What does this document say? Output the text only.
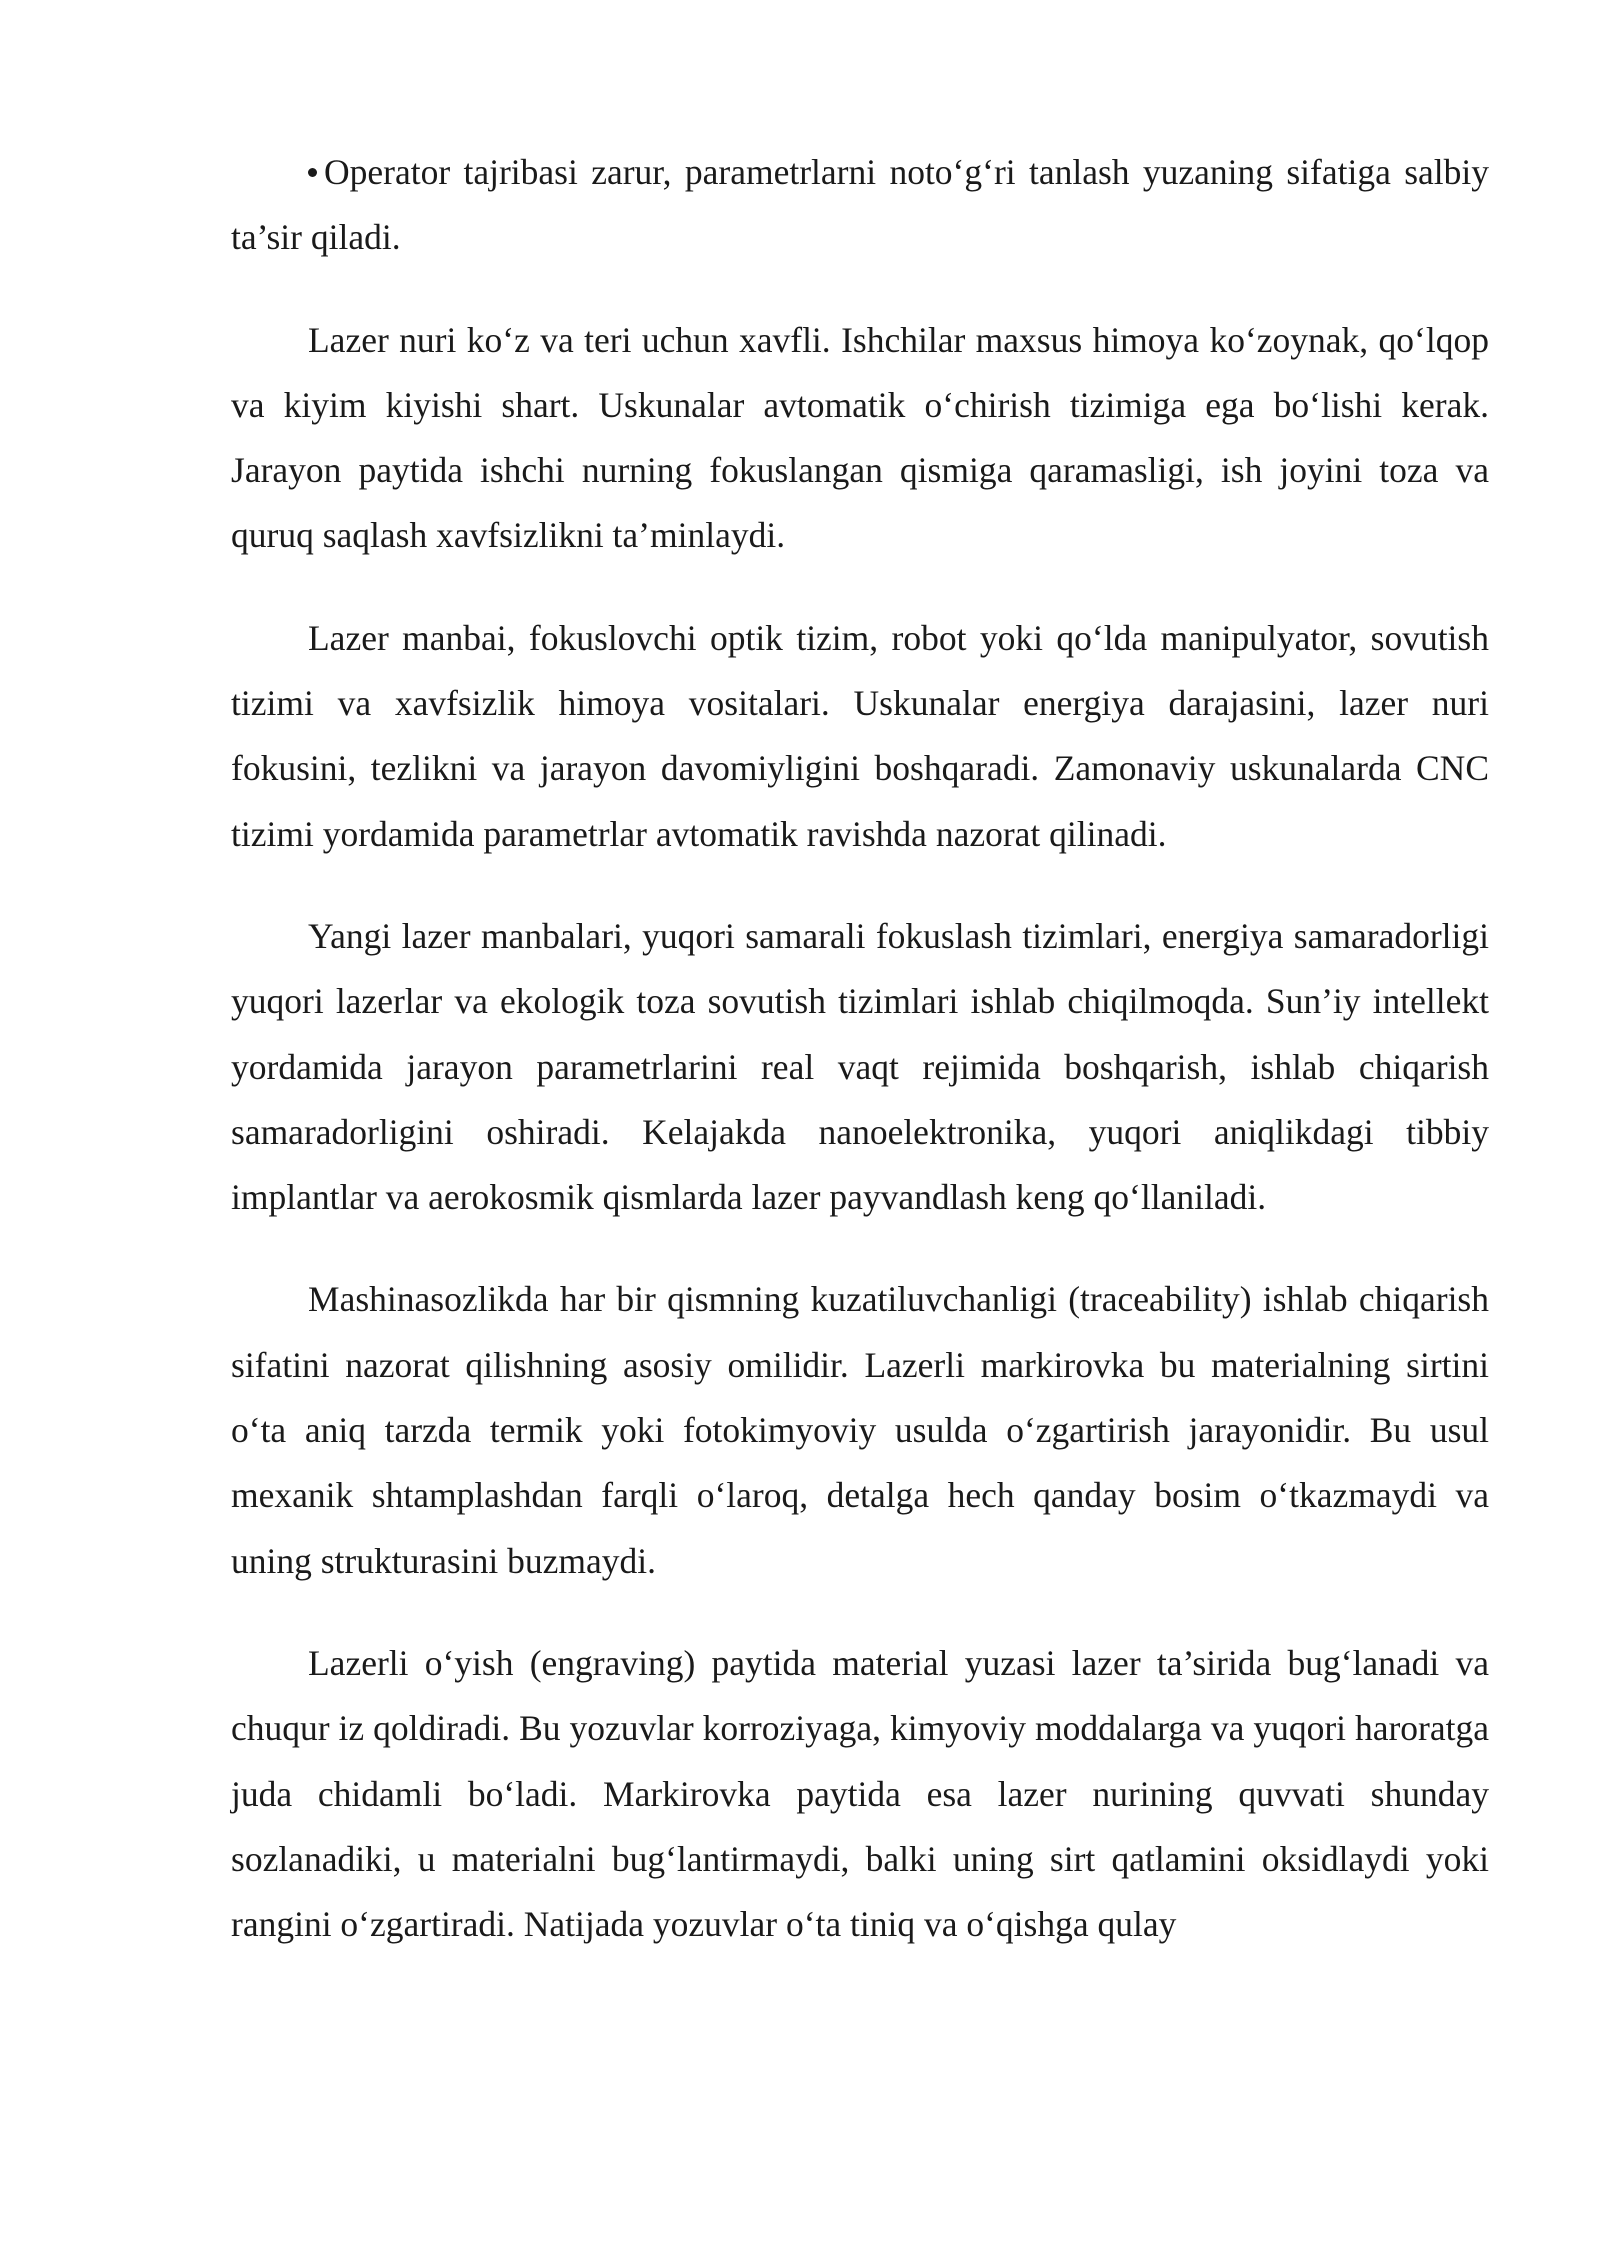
Operator tajribasi zarur, parametrlarni noto‘g‘ri tanlash yuzaning sifatiga salbiy ta’sir qiladi.

Lazer nuri ko‘z va teri uchun xavfli. Ishchilar maxsus himoya ko‘zoynak, qo‘lqop va kiyim kiyishi shart. Uskunalar avtomatik o‘chirish tizimiga ega bo‘lishi kerak. Jarayon paytida ishchi nurning fokuslangan qismiga qaramasligi, ish joyini toza va quruq saqlash xavfsizlikni ta’minlaydi.

Lazer manbai, fokuslovchi optik tizim, robot yoki qo‘lda manipulyator, sovutish tizimi va xavfsizlik himoya vositalari. Uskunalar energiya darajasini, lazer nuri fokusini, tezlikni va jarayon davomiyligini boshqaradi. Zamonaviy uskunalarda CNC tizimi yordamida parametrlar avtomatik ravishda nazorat qilinadi.

Yangi lazer manbalari, yuqori samarali fokuslash tizimlari, energiya samaradorligi yuqori lazerlar va ekologik toza sovutish tizimlari ishlab chiqilmoqda. Sun’iy intellekt yordamida jarayon parametrlarini real vaqt rejimida boshqarish, ishlab chiqarish samaradorligini oshiradi. Kelajakda nanoelektronika, yuqori aniqlikdagi tibbiy implantlar va aerokosmik qismlarda lazer payvandlash keng qo‘llaniladi.

Mashinasozlikda har bir qismning kuzatiluvchanligi (traceability) ishlab chiqarish sifatini nazorat qilishning asosiy omilidir. Lazerli markirovka bu materialning sirtini o‘ta aniq tarzda termik yoki fotokimyoviy usulda o‘zgartirish jarayonidir. Bu usul mexanik shtamplashdan farqli o‘laroq, detalga hech qanday bosim o‘tkazmaydi va uning strukturasini buzmaydi.

Lazerli o‘yish (engraving) paytida material yuzasi lazer ta’sirida bug‘lanadi va chuqur iz qoldiradi. Bu yozuvlar korroziyaga, kimyoviy moddalarga va yuqori haroratga juda chidamli bo‘ladi. Markirovka paytida esa lazer nurining quvvati shunday sozlanadiki, u materialni bug‘lantirmaydi, balki uning sirt qatlamini oksidlaydi yoki rangini o‘zgartiradi. Natijada yozuvlar o‘ta tiniq va o‘qishga qulay
